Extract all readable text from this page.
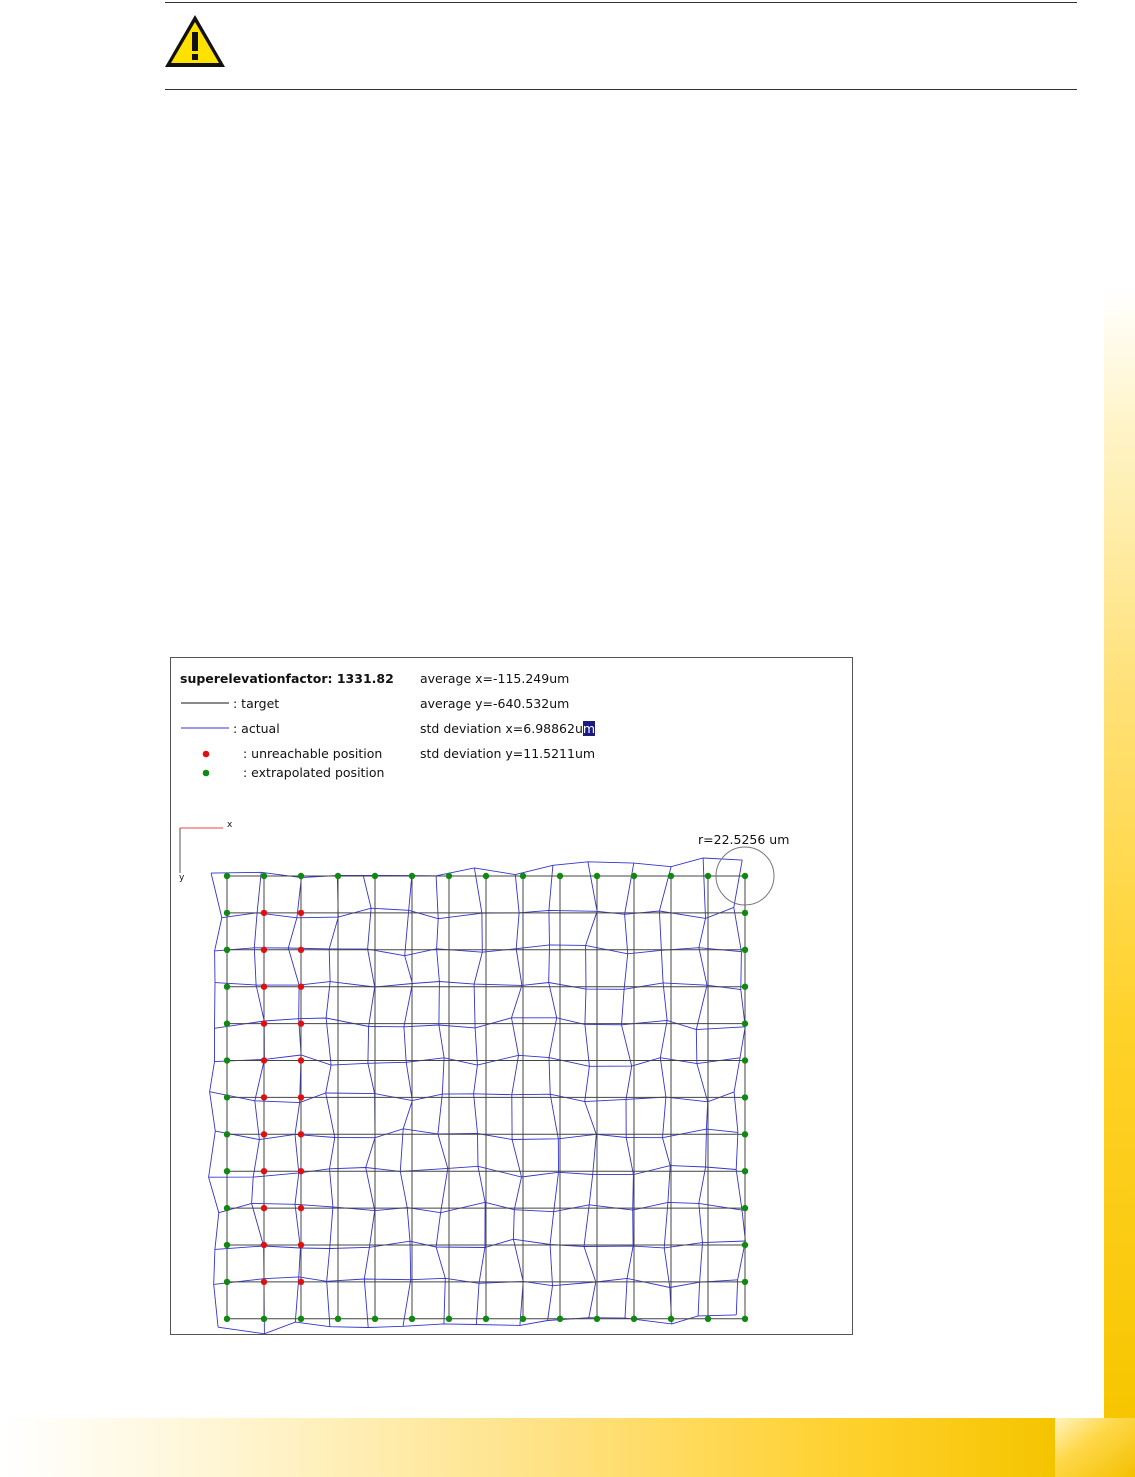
superelevationfactor: 1331.82 average x=-115.249um
: target	average y=-640.532um
: actual	std deviation x=6.98862um
: unreachable position	std deviation y=11.5211um
: extrapolated position
x
y
r=22.5256 um
